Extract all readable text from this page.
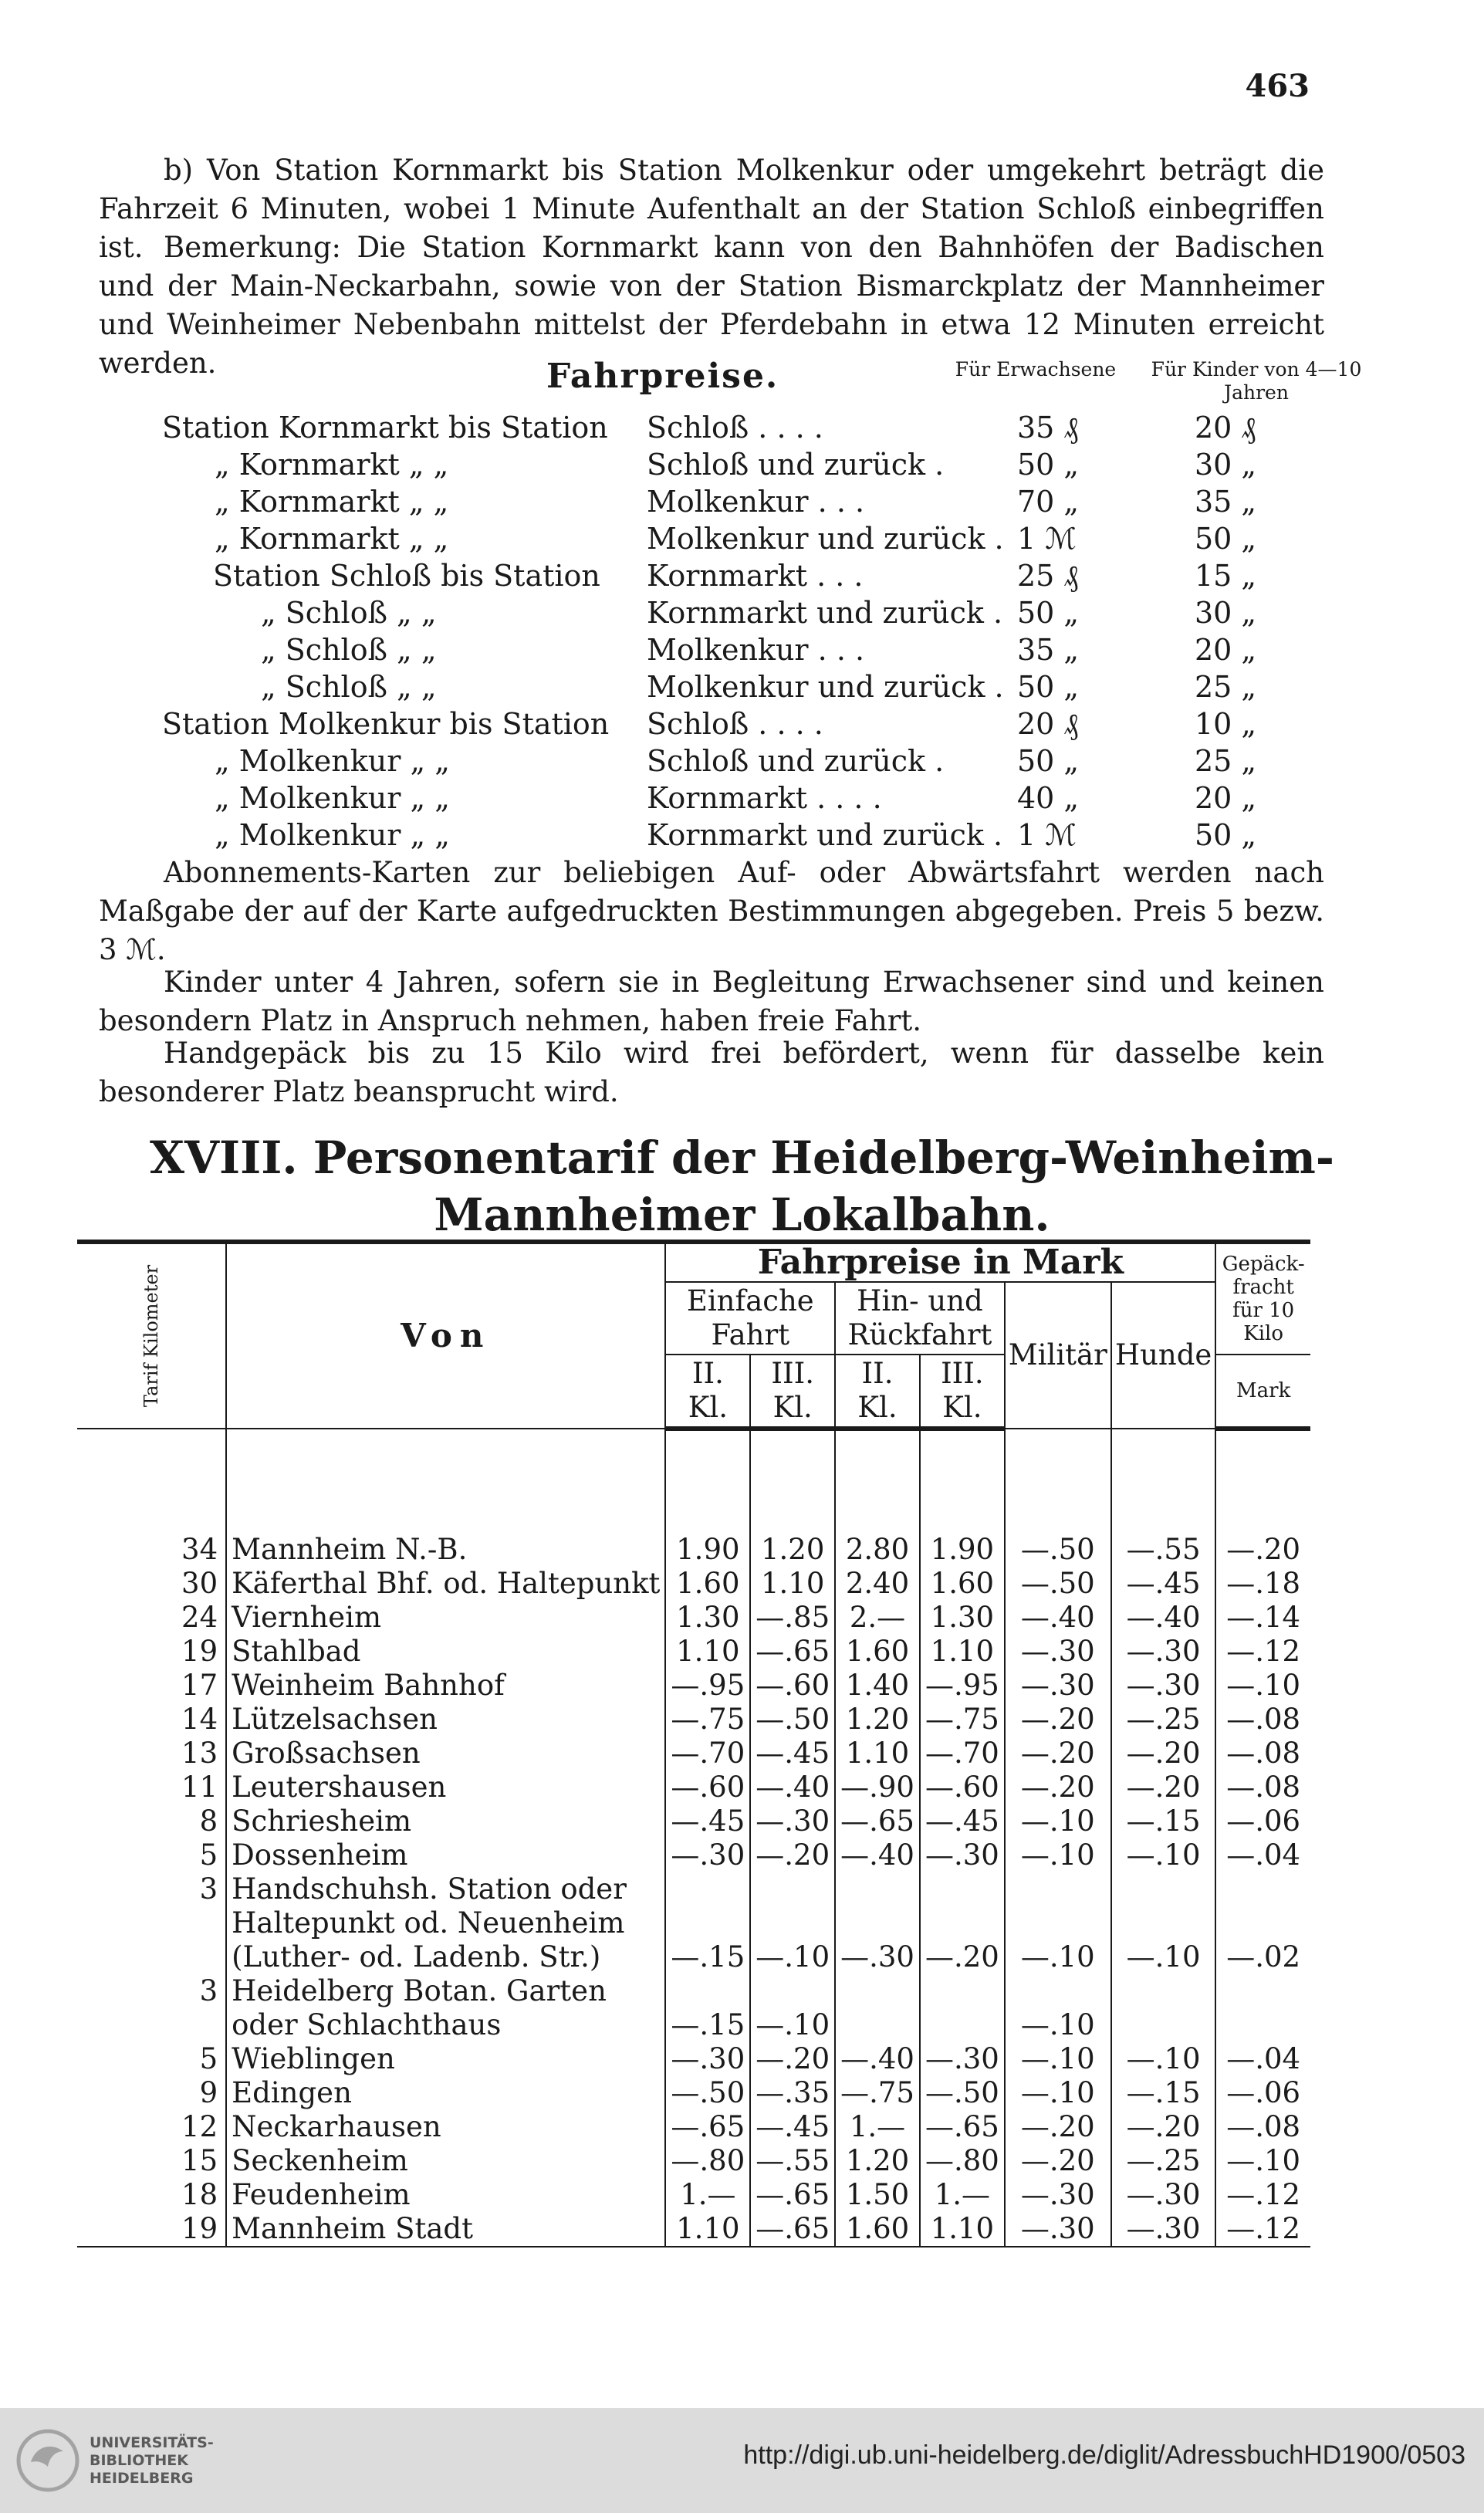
463

b) Von Station Kornmarkt bis Station Molkenkur oder umgekehrt beträgt die Fahrzeit 6 Minuten, wobei 1 Minute Aufenthalt an der Station Schloß einbegriffen ist. Bemerkung: Die Station Kornmarkt kann von den Bahnhöfen der Badischen und der Main-Neckarbahn, sowie von der Station Bismarckplatz der Mannheimer und Weinheimer Nebenbahn mittelst der Pferdebahn in etwa 12 Minuten erreicht werden.	Fahrpreise.	Für Erwachsene	Für Kinder von 4—10 Jahren
Station Kornmarkt bis Station Schloß . . . .	35 ₰	20 ₰
„ Kornmarkt „ „	Schloß und zurück . 50 „	30 „
„ Kornmarkt „ „	Molkenkur . . .	70 „	35 „
„ Kornmarkt „ „	Molkenkur und zurück . 1 ℳ	50 „
Station Schloß bis Station Kornmarkt . . .	25 ₰	15 „
„ Schloß „ „	Kornmarkt und zurück . 50 „	30 „
„ Schloß „ „	Molkenkur . . .	35 „	20 „
„ Schloß „ „	Molkenkur und zurück . 50 „	25 „
Station Molkenkur bis Station Schloß . . . .	20 ₰	10 „
„ Molkenkur „ „	Schloß und zurück . 50 „	25 „
„ Molkenkur „ „	Kornmarkt . . . .	40 „	20 „
„ Molkenkur „ „	Kornmarkt und zurück . 1 ℳ	50 „

Abonnements-Karten zur beliebigen Auf- oder Abwärtsfahrt werden nach Maßgabe der auf der Karte aufgedruckten Bestimmungen abgegeben. Preis 5 bezw. 3 ℳ.

Kinder unter 4 Jahren, sofern sie in Begleitung Erwachsener sind und keinen besondern Platz in Anspruch nehmen, haben freie Fahrt.

Handgepäck bis zu 15 Kilo wird frei befördert, wenn für dasselbe kein besonderer Platz beansprucht wird.

XVIII. Personentarif der Heidelberg-Weinheim-
Mannheimer Lokalbahn.
Tarif Kilometer	Von	Fahrpreise in Mark						Gepäck-fracht für 10 Kilo
		Einfache Fahrt		Hin- und Rückfahrt		Militär	Hunde	
		II. Kl.	III. Kl.	II. Kl.	III. Kl.			Mark

34	Mannheim N.-B.	1.90	1.20	2.80	1.90	—.50	—.55	—.20
30	Käferthal Bhf. od. Haltepunkt	1.60	1.10	2.40	1.60	—.50	—.45	—.18
24	Viernheim	1.30	—.85	2.—	1.30	—.40	—.40	—.14
19	Stahlbad	1.10	—.65	1.60	1.10	—.30	—.30	—.12
17	Weinheim Bahnhof	—.95	—.60	1.40	—.95	—.30	—.30	—.10
14	Lützelsachsen	—.75	—.50	1.20	—.75	—.20	—.25	—.08
13	Großsachsen	—.70	—.45	1.10	—.70	—.20	—.20	—.08
11	Leutershausen	—.60	—.40	—.90	—.60	—.20	—.20	—.08
8	Schriesheim	—.45	—.30	—.65	—.45	—.10	—.15	—.06
5	Dossenheim	—.30	—.20	—.40	—.30	—.10	—.10	—.04
3	Handschuhsh. Station oder							
	Haltepunkt od. Neuenheim							
	(Luther- od. Ladenb. Str.)	—.15	—.10	—.30	—.20	—.10	—.10	—.02
3	Heidelberg Botan. Garten							
	oder Schlachthaus	—.15	—.10			—.10		
5	Wieblingen	—.30	—.20	—.40	—.30	—.10	—.10	—.04
9	Edingen	—.50	—.35	—.75	—.50	—.10	—.15	—.06
12	Neckarhausen	—.65	—.45	1.—	—.65	—.20	—.20	—.08
15	Seckenheim	—.80	—.55	1.20	—.80	—.20	—.25	—.10
18	Feudenheim	1.—	—.65	1.50	1.—	—.30	—.30	—.12
19	Mannheim Stadt	1.10	—.65	1.60	1.10	—.30	—.30	—.12
UNIVERSITÄTS-
BIBLIOTHEK
HEIDELBERG
http://digi.ub.uni-heidelberg.de/diglit/AdressbuchHD1900/0503
